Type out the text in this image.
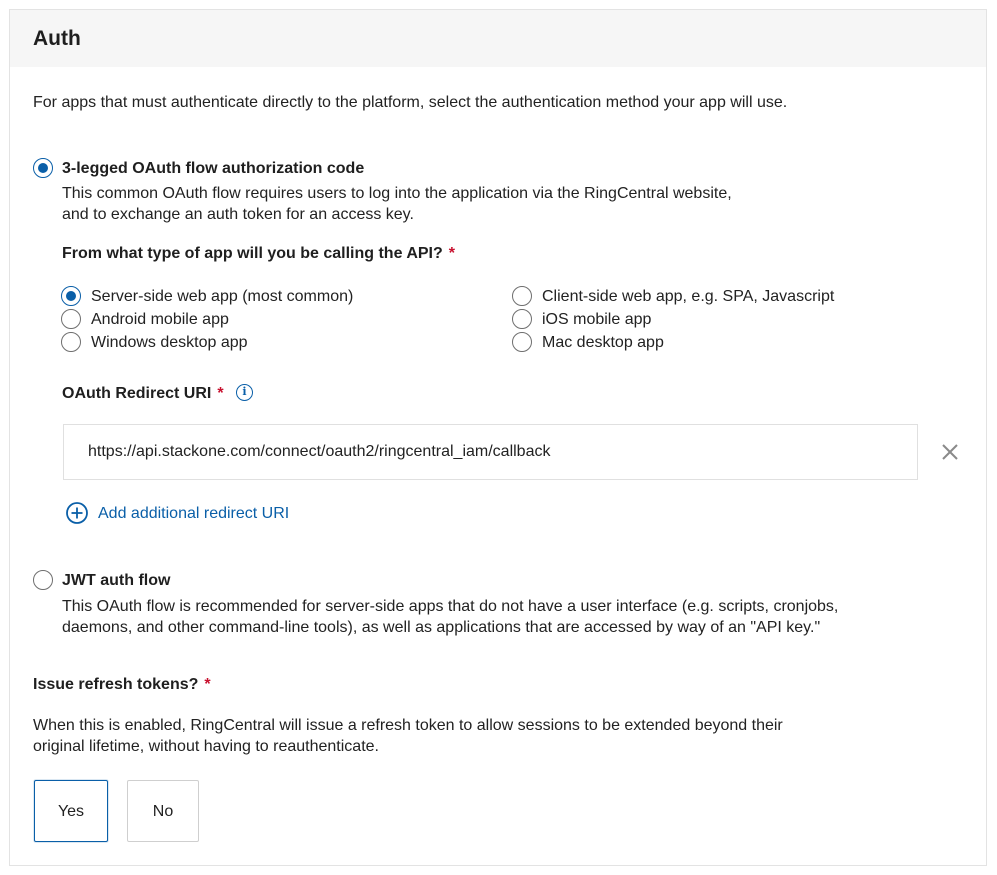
Auth
For apps that must authenticate directly to the platform, select the authentication method your app will use.
3-legged OAuth flow authorization code
This common OAuth flow requires users to log into the application via the RingCentral website,
and to exchange an auth token for an access key.
From what type of app will you be calling the API? *
Server-side web app (most common)
Android mobile app
Windows desktop app
Client-side web app, e.g. SPA, Javascript
iOS mobile app
Mac desktop app
OAuth Redirect URI *	i
https://api.stackone.com/connect/oauth2/ringcentral_iam/callback
Add additional redirect URI
JWT auth flow
This OAuth flow is recommended for server-side apps that do not have a user interface (e.g. scripts, cronjobs,
daemons, and other command-line tools), as well as applications that are accessed by way of an "API key."
Issue refresh tokens? *
When this is enabled, RingCentral will issue a refresh token to allow sessions to be extended beyond their
original lifetime, without having to reauthenticate.
Yes	No
